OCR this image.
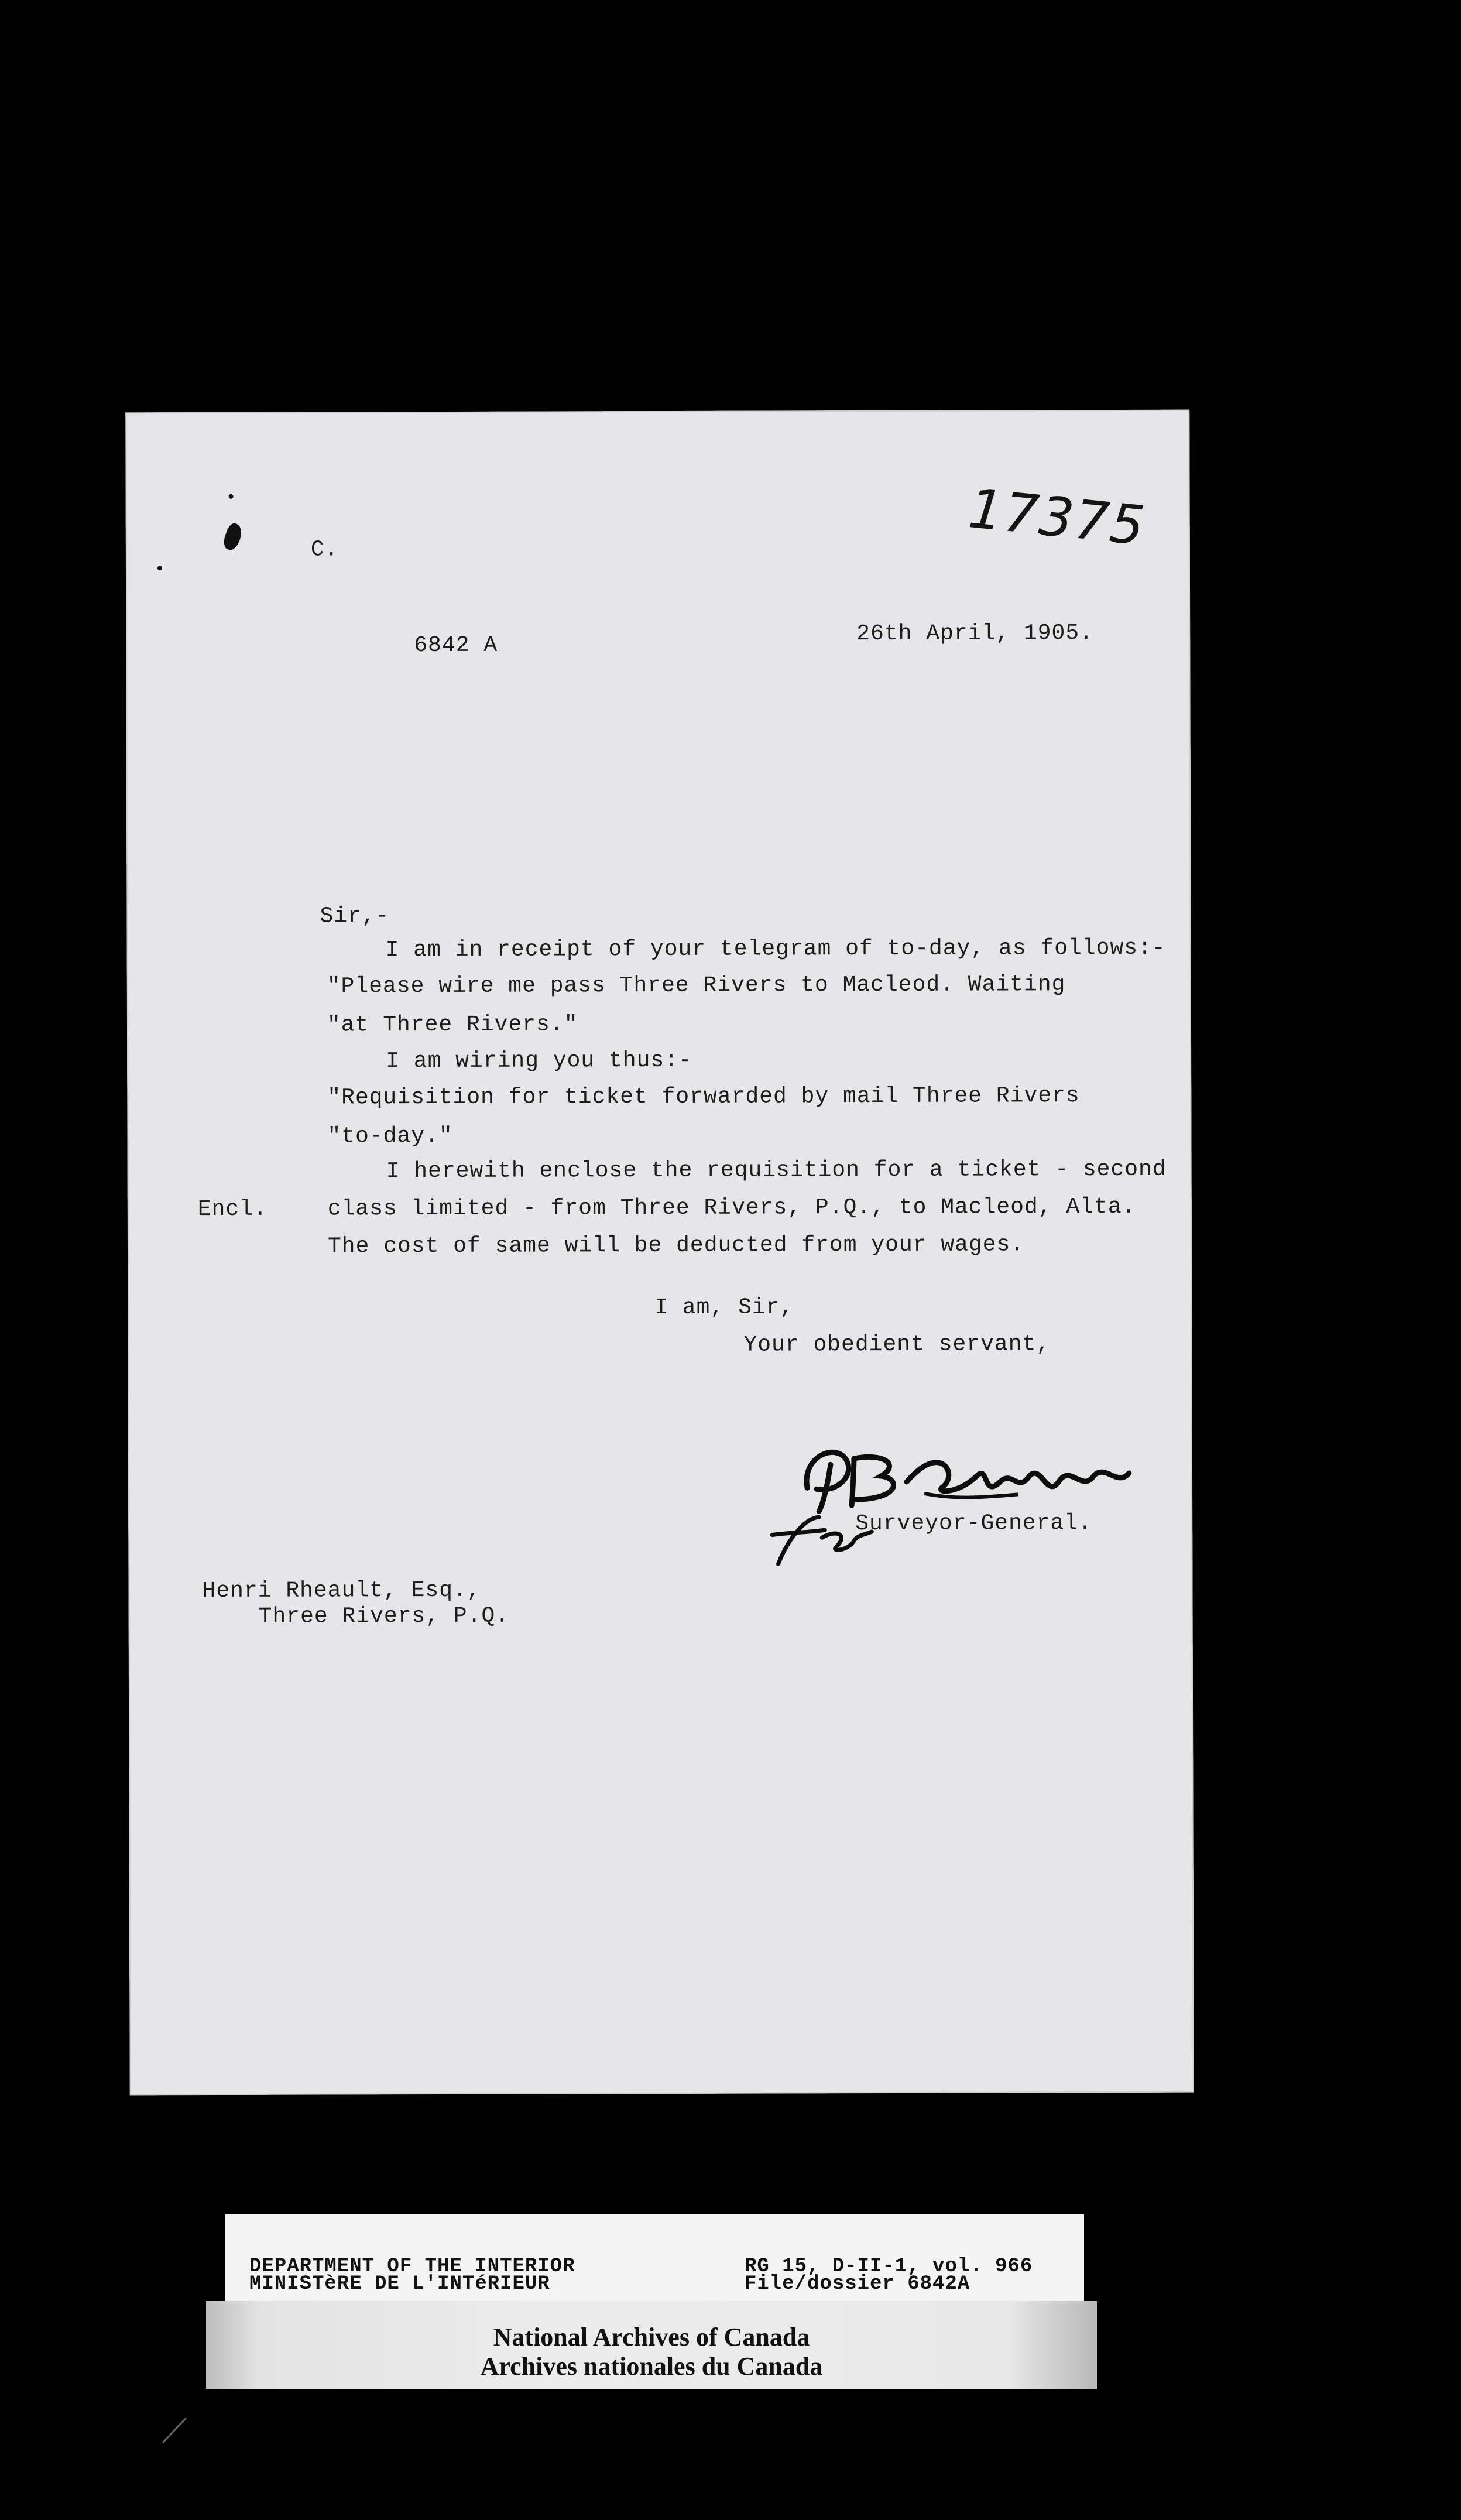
C.	17375
6842 A	26th April, 1905.
Sir,-
I am in receipt of your telegram of to-day, as follows:-
"Please wire me pass Three Rivers to Macleod. Waiting
"at Three Rivers."
I am wiring you thus:-
"Requisition for ticket forwarded by mail Three Rivers
"to-day."
I herewith enclose the requisition for a ticket - second
class limited - from Three Rivers, P.Q., to Macleod, Alta.
The cost of same will be deducted from your wages.
Encl.
I am, Sir,
Your obedient servant,
Surveyor-General.
Henri Rheault, Esq.,
Three Rivers, P.Q.
DEPARTMENT OF THE INTERIOR
MINISTèRE DE L'INTéRIEUR
RG 15, D-II-1, vol. 966
File/dossier 6842A
National Archives of Canada
Archives nationales du Canada
